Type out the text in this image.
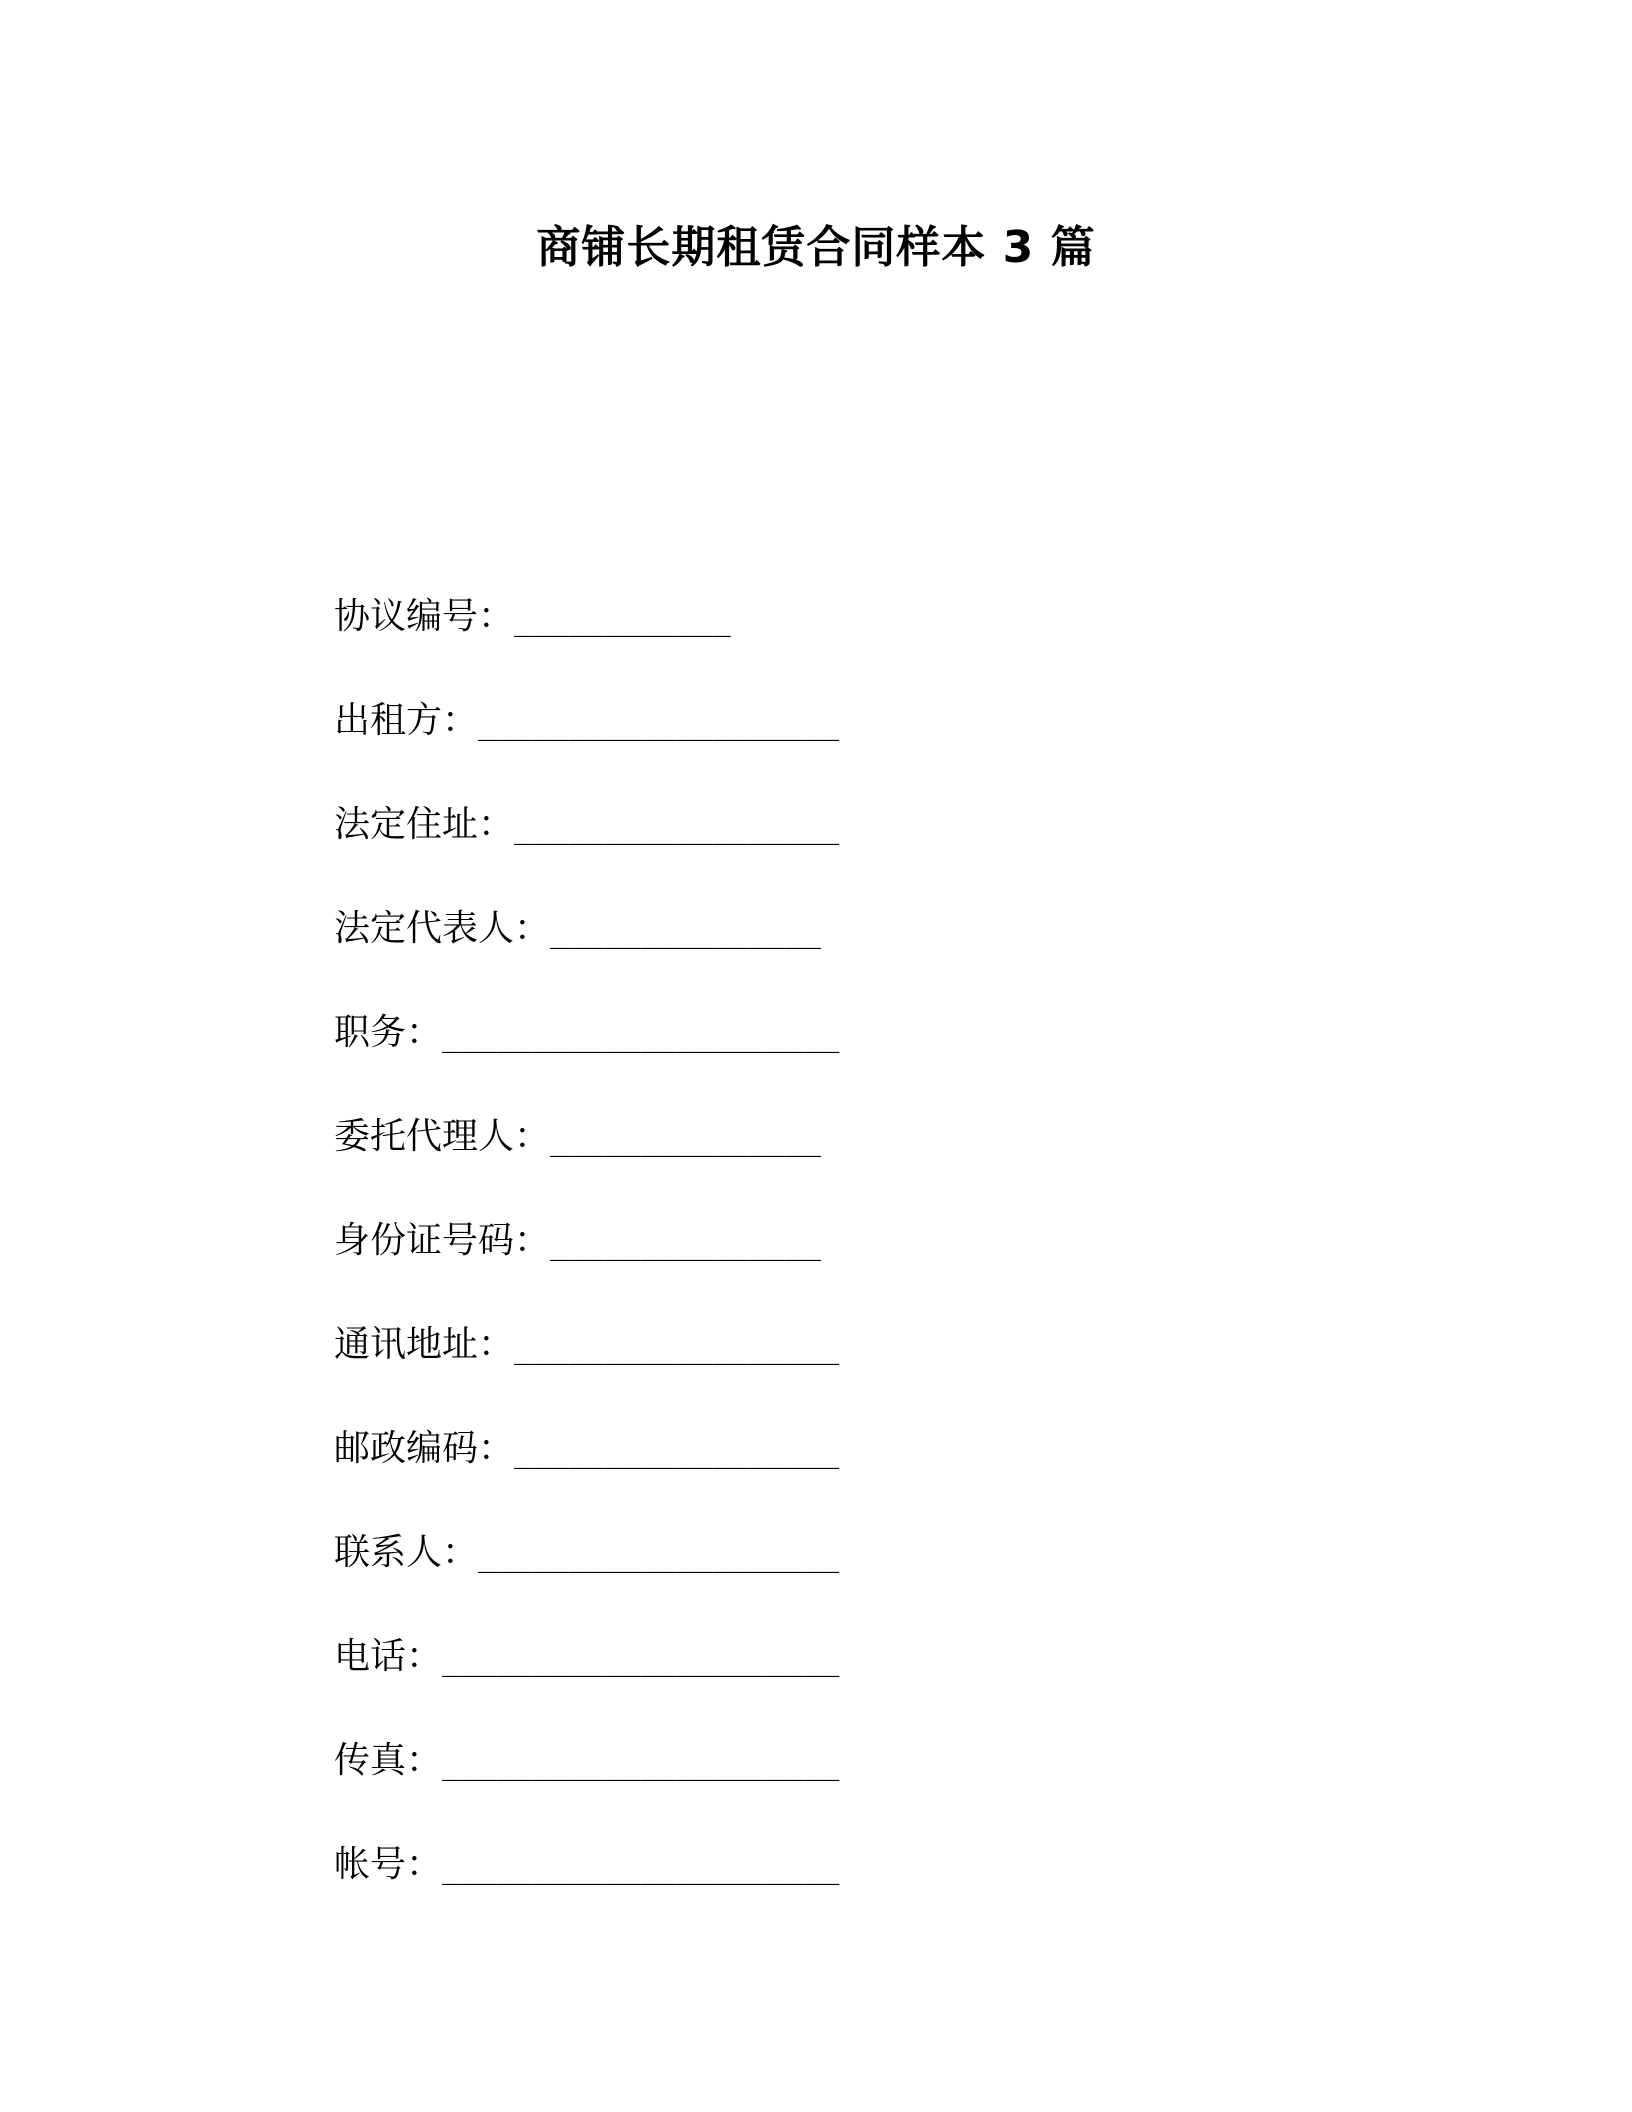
商铺长期租赁合同样本 3 篇
协议编号：____________
出租方：____________________
法定住址：__________________
法定代表人：_______________
职务：______________________
委托代理人：_______________
身份证号码：_______________
通讯地址：__________________
邮政编码：__________________
联系人：____________________
电话：______________________
传真：______________________
帐号：______________________
